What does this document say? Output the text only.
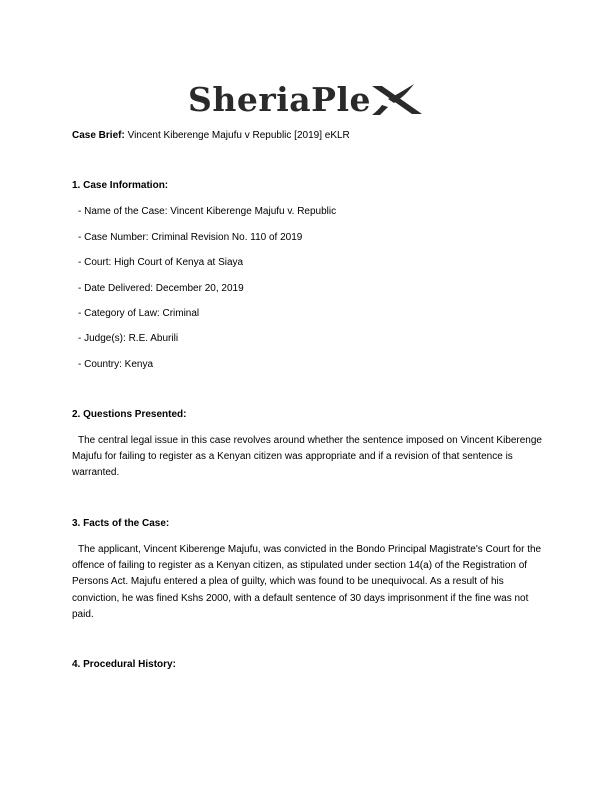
SheriaPle
Case Brief: Vincent Kiberenge Majufu v Republic [2019] eKLR
1. Case Information:
- Name of the Case: Vincent Kiberenge Majufu v. Republic
- Case Number: Criminal Revision No. 110 of 2019
- Court: High Court of Kenya at Siaya
- Date Delivered: December 20, 2019
- Category of Law: Criminal
- Judge(s): R.E. Aburili
- Country: Kenya
2. Questions Presented:
The central legal issue in this case revolves around whether the sentence imposed on Vincent Kiberenge Majufu for failing to register as a Kenyan citizen was appropriate and if a revision of that sentence is warranted.
3. Facts of the Case:
The applicant, Vincent Kiberenge Majufu, was convicted in the Bondo Principal Magistrate's Court for the offence of failing to register as a Kenyan citizen, as stipulated under section 14(a) of the Registration of Persons Act. Majufu entered a plea of guilty, which was found to be unequivocal. As a result of his conviction, he was fined Kshs 2000, with a default sentence of 30 days imprisonment if the fine was not paid.
4. Procedural History:
